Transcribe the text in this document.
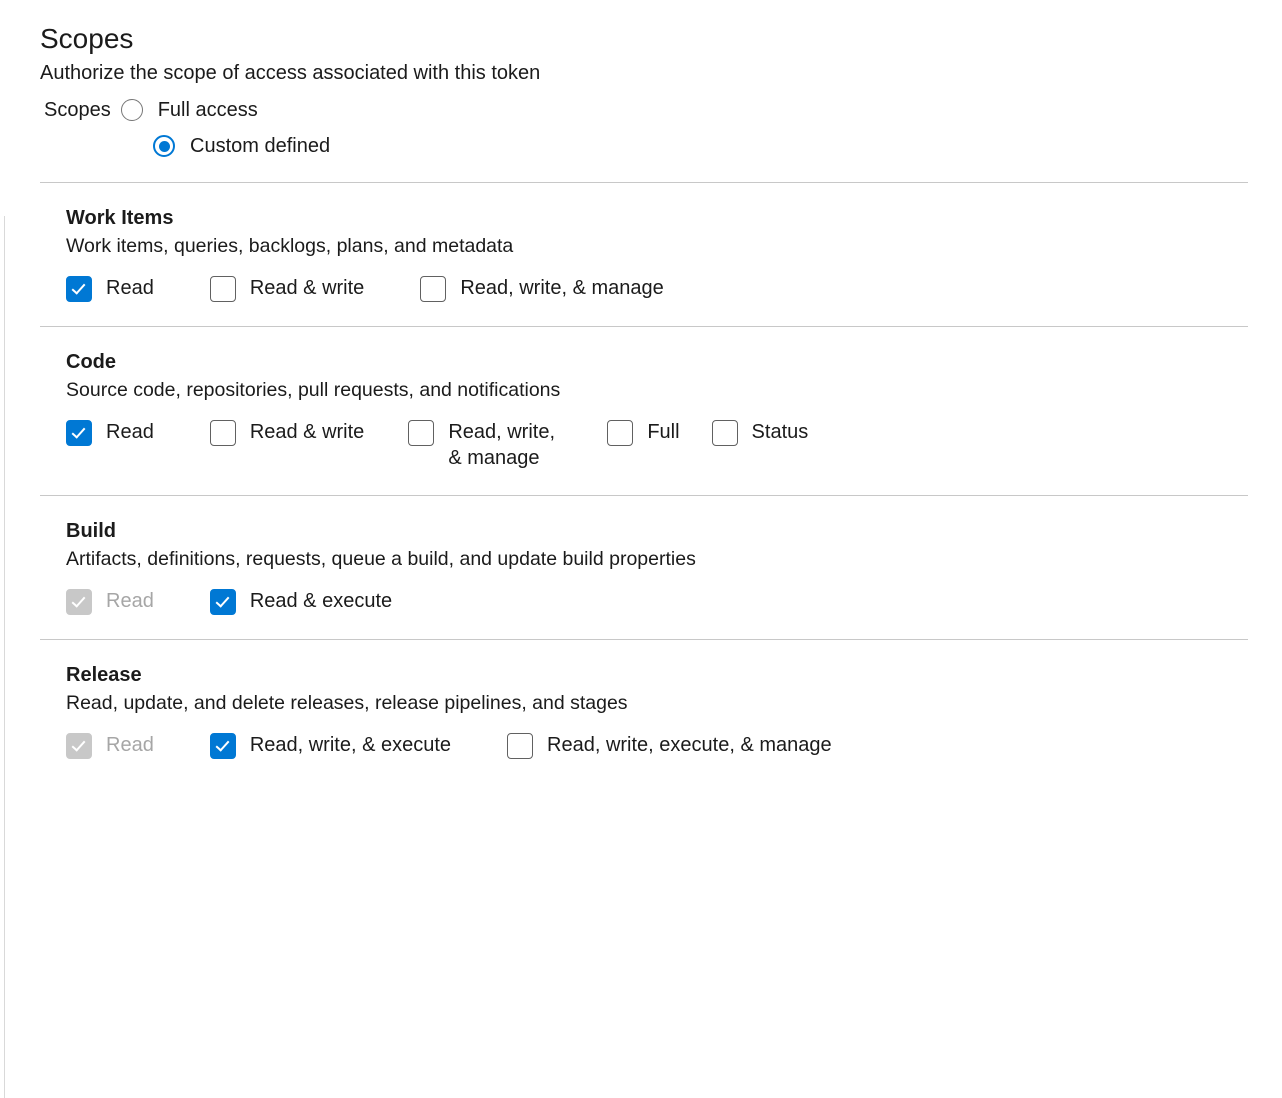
Scopes

Authorize the scope of access associated with this token

Scopes Full access
Custom defined
Work Items
Work items, queries, backlogs, plans, and metadata
Read	Read & write	Read, write, & manage
Code
Source code, repositories, pull requests, and notifications
Read	Read & write	Read, write, & manage
Full	Status
Build
Artifacts, definitions, requests, queue a build, and update build properties
Read	Read & execute
Release
Read, update, and delete releases, release pipelines, and stages
Read	Read, write, & execute	Read, write, execute, & manage
